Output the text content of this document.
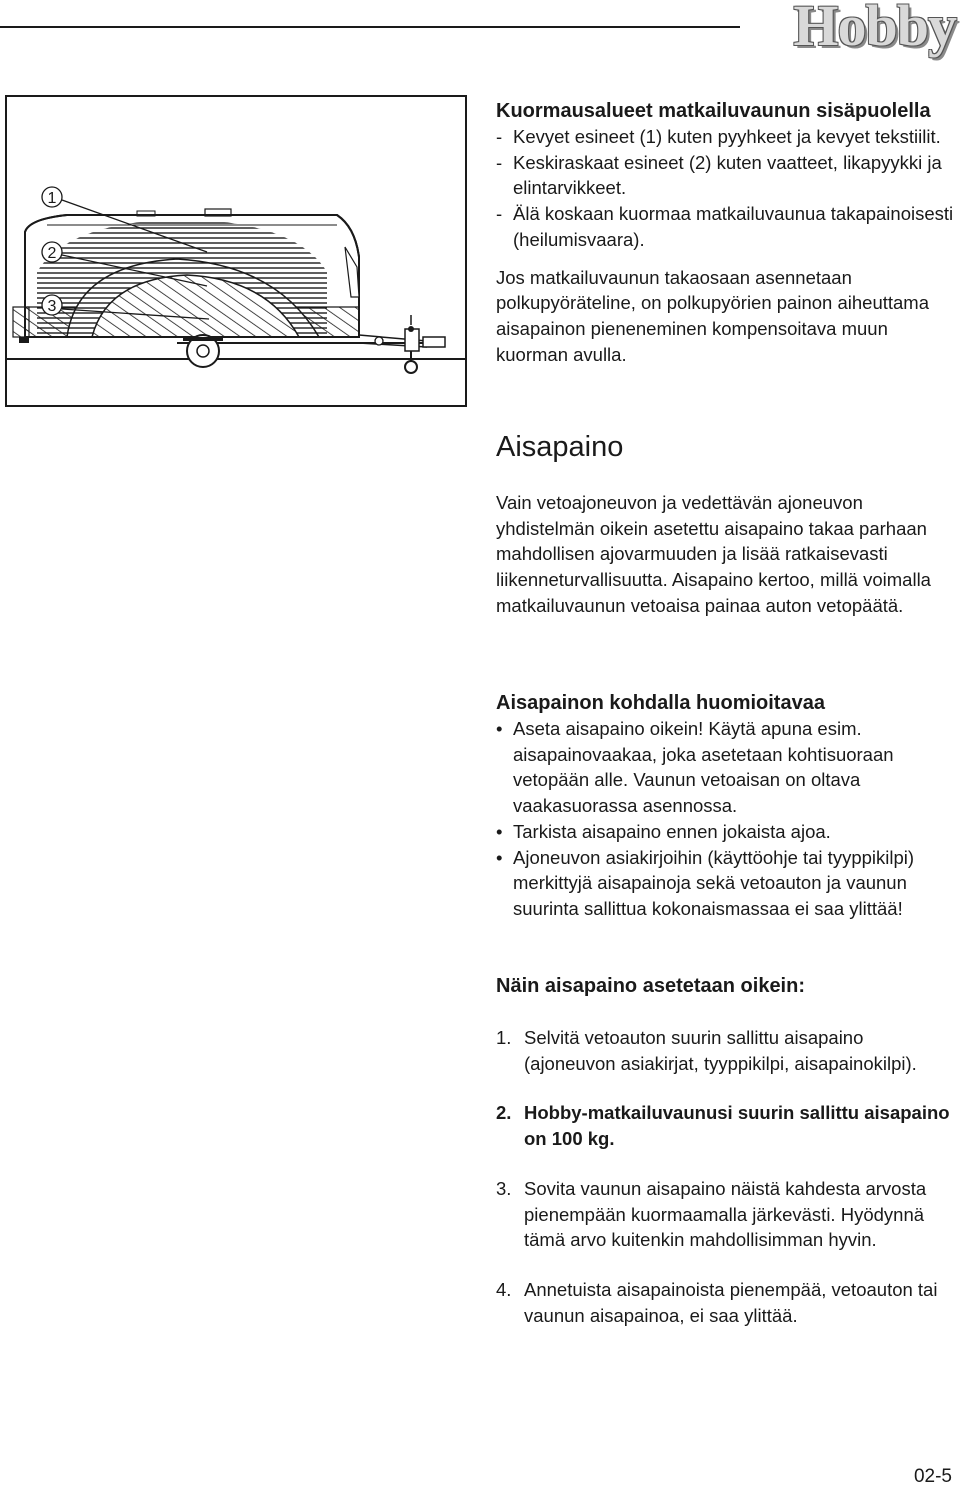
Hobby
1
2
3

Kuormausalueet matkailuvaunun sisäpuolella

- Kevyet esineet (1) kuten pyyhkeet ja kevyet tekstiilit.
- Keskiraskaat esineet (2) kuten vaatteet, likapyykki ja elintarvikkeet.
- Älä koskaan kuormaa matkailuvaunua takapainoisesti (heilumisvaara).

Jos matkailuvaunun takaosaan asennetaan polkupyöräteline, on polkupyörien painon aiheuttama aisapainon pieneneminen kompensoitava muun kuorman avulla.

Aisapaino

Vain vetoajoneuvon ja vedettävän ajoneuvon yhdistelmän oikein asetettu aisapaino takaa parhaan mahdollisen ajovarmuuden ja lisää ratkaisevasti liikenneturvallisuutta. Aisapaino kertoo, millä voimalla matkailuvaunun vetoaisa painaa auton vetopäätä.

Aisapainon kohdalla huomioitavaa

• Aseta aisapaino oikein! Käytä apuna esim. aisapainovaakaa, joka asetetaan kohtisuoraan vetopään alle. Vaunun vetoaisan on oltava vaakasuorassa asennossa.
• Tarkista aisapaino ennen jokaista ajoa.
• Ajoneuvon asiakirjoihin (käyttöohje tai tyyppikilpi) merkittyjä aisapainoja sekä vetoauton ja vaunun suurinta sallittua kokonaismassaa ei saa ylittää!

Näin aisapaino asetetaan oikein:

1. Selvitä vetoauton suurin sallittu aisapaino (ajoneuvon asiakirjat, tyyppikilpi, aisapainokilpi).
2. Hobby-matkailuvaunusi suurin sallittu aisapaino on 100 kg.
3. Sovita vaunun aisapaino näistä kahdesta arvosta pienempään kuormaamalla järkevästi. Hyödynnä tämä arvo kuitenkin mahdollisimman hyvin.
4. Annetuista aisapainoista pienempää, vetoauton tai vaunun aisapainoa, ei saa ylittää.
02-5
